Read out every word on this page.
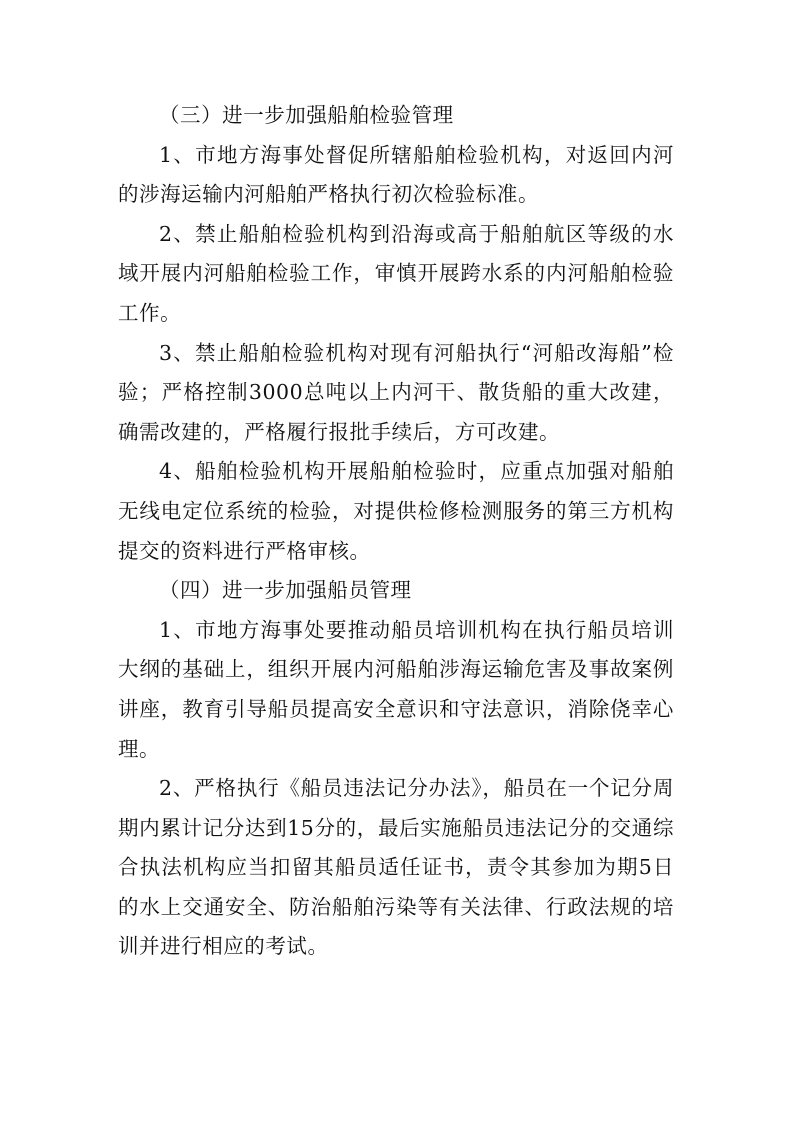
（三）进一步加强船舶检验管理

1、市地方海事处督促所辖船舶检验机构，对返回内河的涉海运输内河船舶严格执行初次检验标准。

2、禁止船舶检验机构到沿海或高于船舶航区等级的水域开展内河船舶检验工作，审慎开展跨水系的内河船舶检验工作。

3、禁止船舶检验机构对现有河船执行“河船改海船”检验；严格控制3000总吨以上内河干、散货船的重大改建，确需改建的，严格履行报批手续后，方可改建。

4、船舶检验机构开展船舶检验时，应重点加强对船舶无线电定位系统的检验，对提供检修检测服务的第三方机构提交的资料进行严格审核。

（四）进一步加强船员管理

1、市地方海事处要推动船员培训机构在执行船员培训大纲的基础上，组织开展内河船舶涉海运输危害及事故案例讲座，教育引导船员提高安全意识和守法意识，消除侥幸心理。

2、严格执行《船员违法记分办法》，船员在一个记分周期内累计记分达到15分的，最后实施船员违法记分的交通综合执法机构应当扣留其船员适任证书，责令其参加为期5日的水上交通安全、防治船舶污染等有关法律、行政法规的培训并进行相应的考试。
